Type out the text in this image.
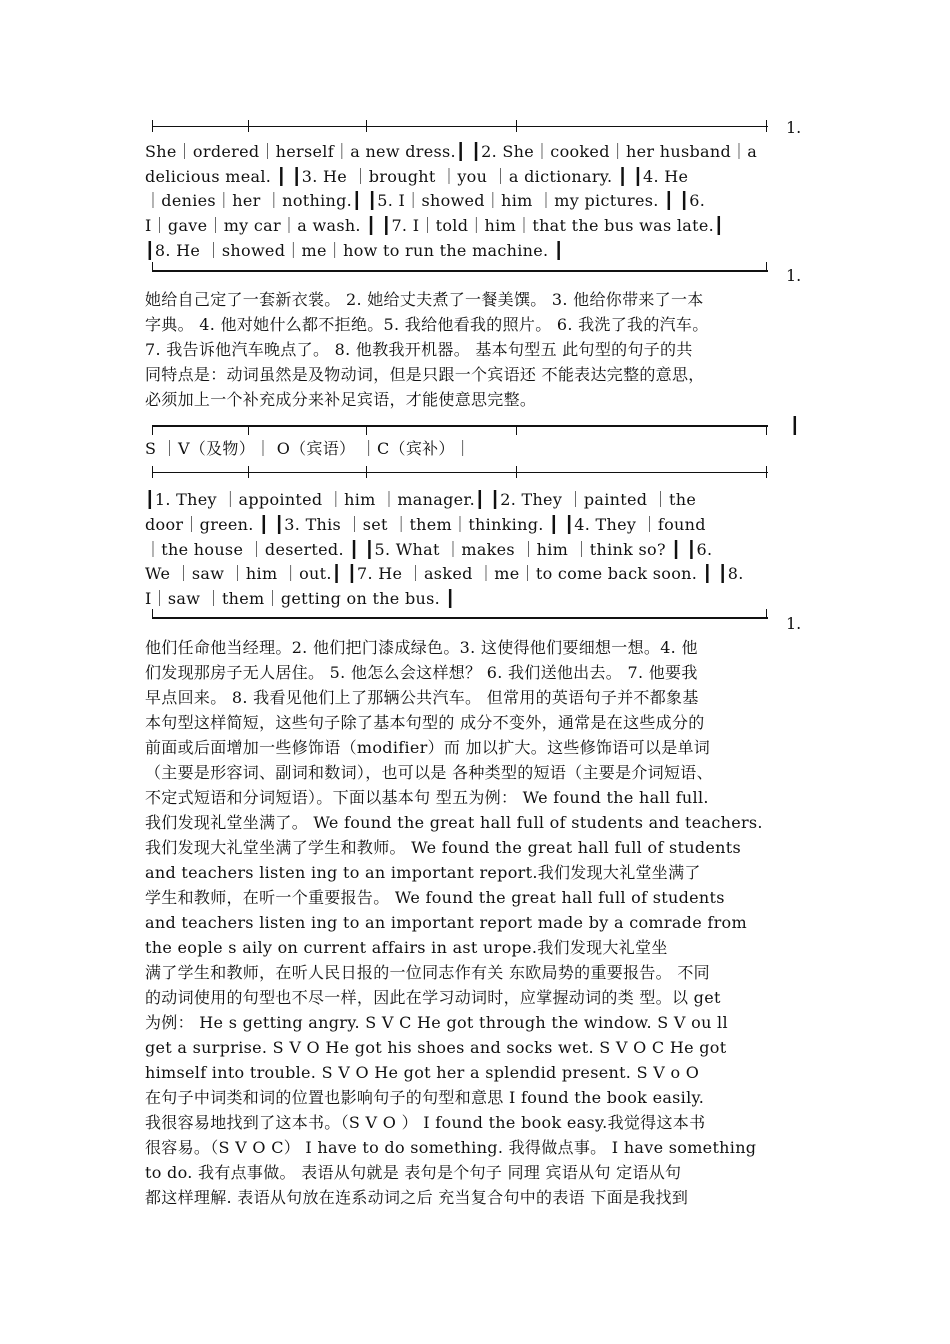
1.
She｜ordered｜herself｜a new dress.┃ ┃2. She｜cooked｜her husband｜a
delicious meal. ┃ ┃3. He ｜brought ｜you ｜a dictionary. ┃ ┃4. He
｜denies｜her ｜nothing.┃ ┃5. I｜showed｜him ｜my pictures. ┃ ┃6.
I｜gave｜my car｜a wash. ┃ ┃7. I｜told｜him｜that the bus was late.┃
┃8. He ｜showed｜me｜how to run the machine. ┃
1.
她给自己定了一套新衣裳。 2. 她给丈夫煮了一餐美馔。 3. 他给你带来了一本
字典。 4. 他对她什么都不拒绝。5. 我给他看我的照片。 6. 我洗了我的汽车。
7. 我告诉他汽车晚点了。 8. 他教我开机器。 基本句型五 此句型的句子的共
同特点是：动词虽然是及物动词，但是只跟一个宾语还 不能表达完整的意思，
必须加上一个补充成分来补足宾语，才能使意思完整。
┃
S ｜V（及物）｜ O（宾语） ｜C（宾补）｜
┃1. They ｜appointed ｜him ｜manager.┃ ┃2. They ｜painted ｜the
door｜green. ┃ ┃3. This ｜set ｜them｜thinking. ┃ ┃4. They ｜found
｜the house ｜deserted. ┃ ┃5. What ｜makes ｜him ｜think so? ┃ ┃6.
We ｜saw ｜him ｜out.┃ ┃7. He ｜asked ｜me｜to come back soon. ┃ ┃8.
I｜saw ｜them｜getting on the bus. ┃
1.
他们任命他当经理。2. 他们把门漆成绿色。3. 这使得他们要细想一想。4. 他
们发现那房子无人居住。 5. 他怎么会这样想？ 6. 我们送他出去。 7. 他要我
早点回来。 8. 我看见他们上了那辆公共汽车。 但常用的英语句子并不都象基
本句型这样简短，这些句子除了基本句型的 成分不变外，通常是在这些成分的
前面或后面增加一些修饰语（modifier）而 加以扩大。这些修饰语可以是单词
（主要是形容词、副词和数词），也可以是 各种类型的短语（主要是介词短语、
不定式短语和分词短语）。下面以基本句 型五为例： We found the hall full.
我们发现礼堂坐满了。 We found the great hall full of students and teachers.
我们发现大礼堂坐满了学生和教师。 We found the great hall full of students
and teachers listen ing to an important report.我们发现大礼堂坐满了
学生和教师，在听一个重要报告。 We found the great hall full of students
and teachers listen ing to an important report made by a comrade from
the eople s aily on current affairs in ast urope.我们发现大礼堂坐
满了学生和教师，在听人民日报的一位同志作有关 东欧局势的重要报告。 不同
的动词使用的句型也不尽一样，因此在学习动词时，应掌握动词的类 型。以 get
为例： He s getting angry. S V C He got through the window. S V ou ll
get a surprise. S V O He got his shoes and socks wet. S V O C He got
himself into trouble. S V O He got her a splendid present. S V o O
在句子中词类和词的位置也影响句子的句型和意思 I found the book easily.
我很容易地找到了这本书。（S V O ） I found the book easy.我觉得这本书
很容易。（S V O C） I have to do something. 我得做点事。 I have something
to do. 我有点事做。 表语从句就是 表句是个句子 同理 宾语从句 定语从句
都这样理解. 表语从句放在连系动词之后 充当复合句中的表语 下面是我找到
